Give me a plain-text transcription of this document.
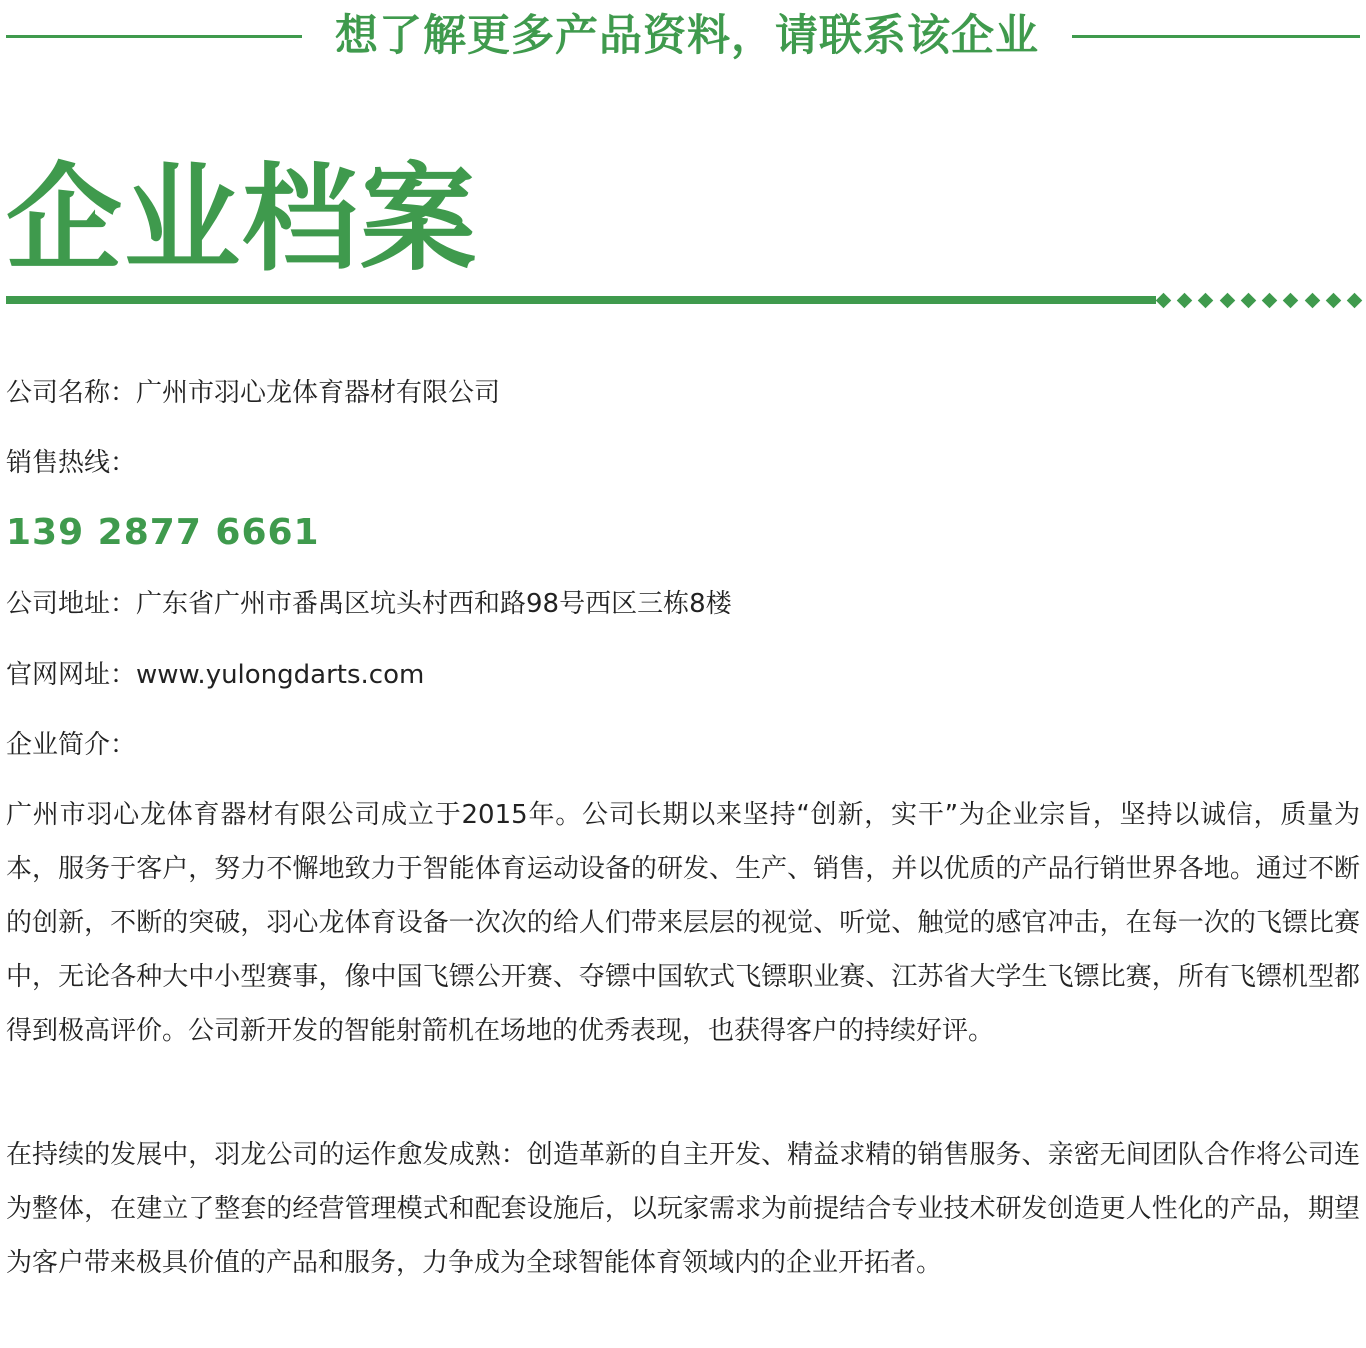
想了解更多产品资料，请联系该企业
企业档案
公司名称：广州市羽心龙体育器材有限公司
销售热线：
139 2877 6661
公司地址：广东省广州市番禺区坑头村西和路98号西区三栋8楼
官网网址：www.yulongdarts.com
企业简介：

广州市羽心龙体育器材有限公司成立于2015年。公司长期以来坚持“创新，实干”为企业宗旨，坚持以诚信，质量为本，服务于客户，努力不懈地致力于智能体育运动设备的研发、生产、销售，并以优质的产品行销世界各地。通过不断的创新，不断的突破，羽心龙体育设备一次次的给人们带来层层的视觉、听觉、触觉的感官冲击，在每一次的飞镖比赛中，无论各种大中小型赛事，像中国飞镖公开赛、夺镖中国软式飞镖职业赛、江苏省大学生飞镖比赛，所有飞镖机型都得到极高评价。公司新开发的智能射箭机在场地的优秀表现，也获得客户的持续好评。

在持续的发展中，羽龙公司的运作愈发成熟：创造革新的自主开发、精益求精的销售服务、亲密无间团队合作将公司连为整体，在建立了整套的经营管理模式和配套设施后，以玩家需求为前提结合专业技术研发创造更人性化的产品，期望为客户带来极具价值的产品和服务，力争成为全球智能体育领域内的企业开拓者。
